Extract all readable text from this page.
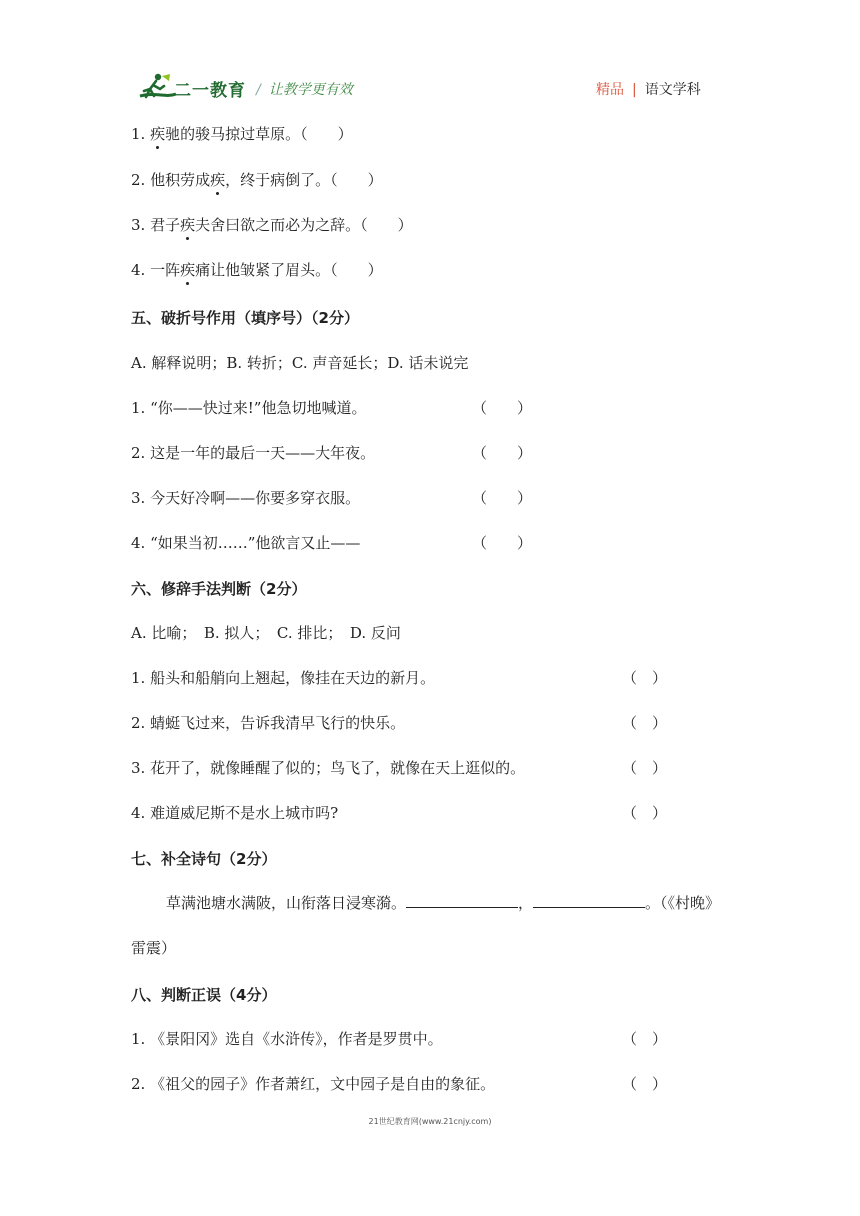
二一教育 / 让教学更有效	精品 | 语文学科
1. 疾驰的骏马掠过草原。（　　）
2. 他积劳成疾，终于病倒了。（　　）
3. 君子疾夫舍曰欲之而必为之辞。（　　）
4. 一阵疾痛让他皱紧了眉头。（　　）
五、破折号作用（填序号）（2分）
A. 解释说明；B. 转折；C. 声音延长；D. 话未说完
1. “你——快过来!”他急切地喊道。	（　　）
2. 这是一年的最后一天——大年夜。	（　　）
3. 今天好冷啊——你要多穿衣服。	（　　）
4. “如果当初……”他欲言又止——	（　　）
六、修辞手法判断（2分）
A. 比喻；　B. 拟人；　C. 排比；　D. 反问
1. 船头和船艄向上翘起，像挂在天边的新月。	（　）
2. 蜻蜓飞过来，告诉我清早飞行的快乐。	（　）
3. 花开了，就像睡醒了似的；鸟飞了，就像在天上逛似的。	（　）
4. 难道威尼斯不是水上城市吗?	（　）
七、补全诗句（2分）
草满池塘水满陂，山衔落日浸寒漪。	，	。（《村晚》
雷震）
八、判断正误（4分）
1. 《景阳冈》选自《水浒传》，作者是罗贯中。	（　）
2. 《祖父的园子》作者萧红，文中园子是自由的象征。	（　）
21世纪教育网(www.21cnjy.com)
